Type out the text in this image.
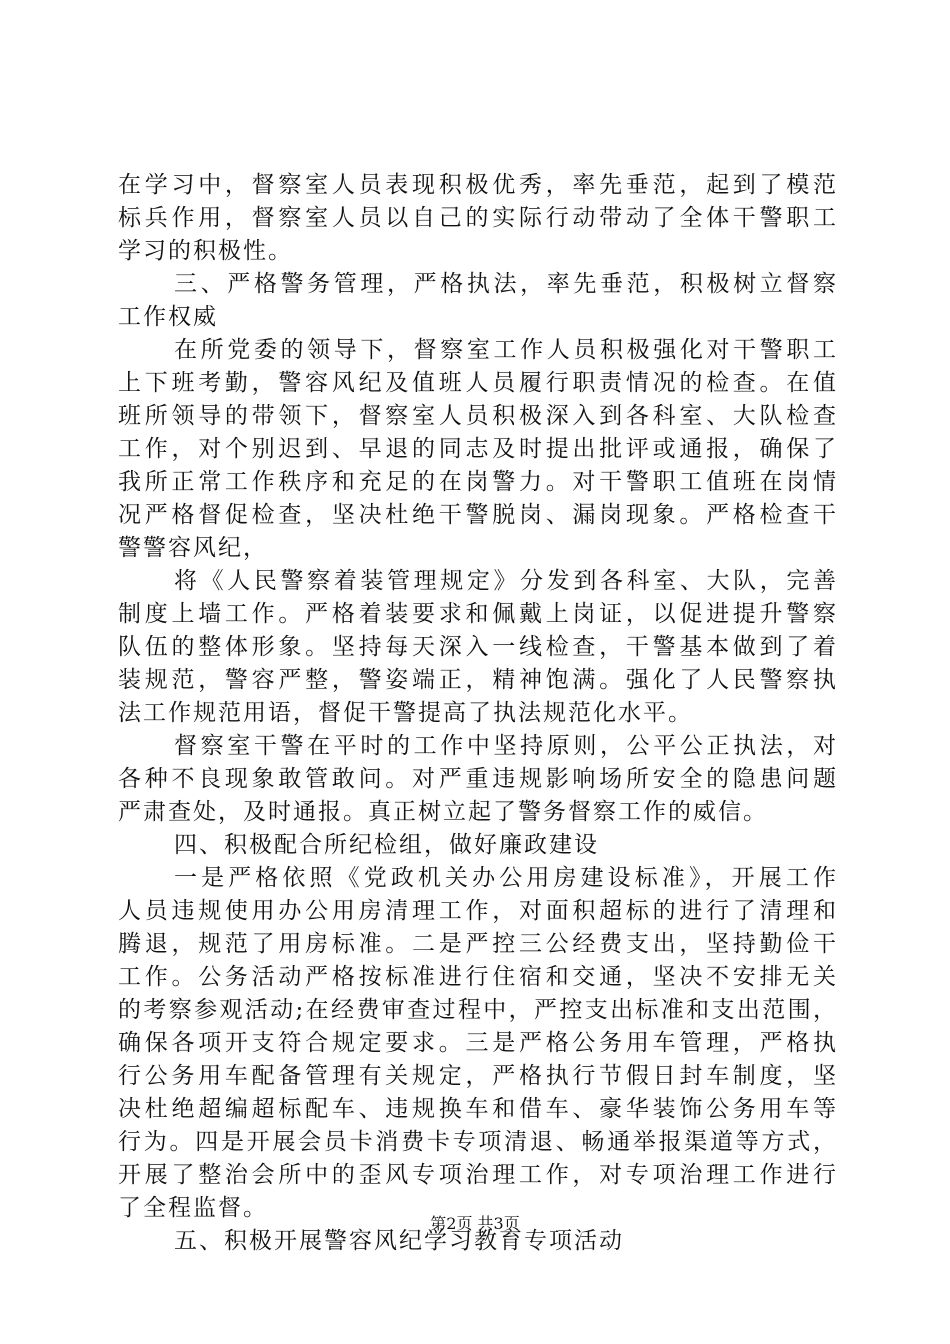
在学习中，督察室人员表现积极优秀，率先垂范，起到了模范
标兵作用，督察室人员以自己的实际行动带动了全体干警职工
学习的积极性。
三、严格警务管理，严格执法，率先垂范，积极树立督察
工作权威
在所党委的领导下，督察室工作人员积极强化对干警职工
上下班考勤，警容风纪及值班人员履行职责情况的检查。在值
班所领导的带领下，督察室人员积极深入到各科室、大队检查
工作，对个别迟到、早退的同志及时提出批评或通报，确保了
我所正常工作秩序和充足的在岗警力。对干警职工值班在岗情
况严格督促检查，坚决杜绝干警脱岗、漏岗现象。严格检查干
警警容风纪，
将《人民警察着装管理规定》分发到各科室、大队，完善
制度上墙工作。严格着装要求和佩戴上岗证，以促进提升警察
队伍的整体形象。坚持每天深入一线检查，干警基本做到了着
装规范，警容严整，警姿端正，精神饱满。强化了人民警察执
法工作规范用语，督促干警提高了执法规范化水平。
督察室干警在平时的工作中坚持原则，公平公正执法，对
各种不良现象敢管敢问。对严重违规影响场所安全的隐患问题
严肃查处，及时通报。真正树立起了警务督察工作的威信。
四、积极配合所纪检组，做好廉政建设
一是严格依照《党政机关办公用房建设标准》，开展工作
人员违规使用办公用房清理工作，对面积超标的进行了清理和
腾退，规范了用房标准。二是严控三公经费支出，坚持勤俭干
工作。公务活动严格按标准进行住宿和交通，坚决不安排无关
的考察参观活动;在经费审查过程中，严控支出标准和支出范围，
确保各项开支符合规定要求。三是严格公务用车管理，严格执
行公务用车配备管理有关规定，严格执行节假日封车制度，坚
决杜绝超编超标配车、违规换车和借车、豪华装饰公务用车等
行为。四是开展会员卡消费卡专项清退、畅通举报渠道等方式，
开展了整治会所中的歪风专项治理工作，对专项治理工作进行
了全程监督。
五、积极开展警容风纪学习教育专项活动
第2页 共3页
